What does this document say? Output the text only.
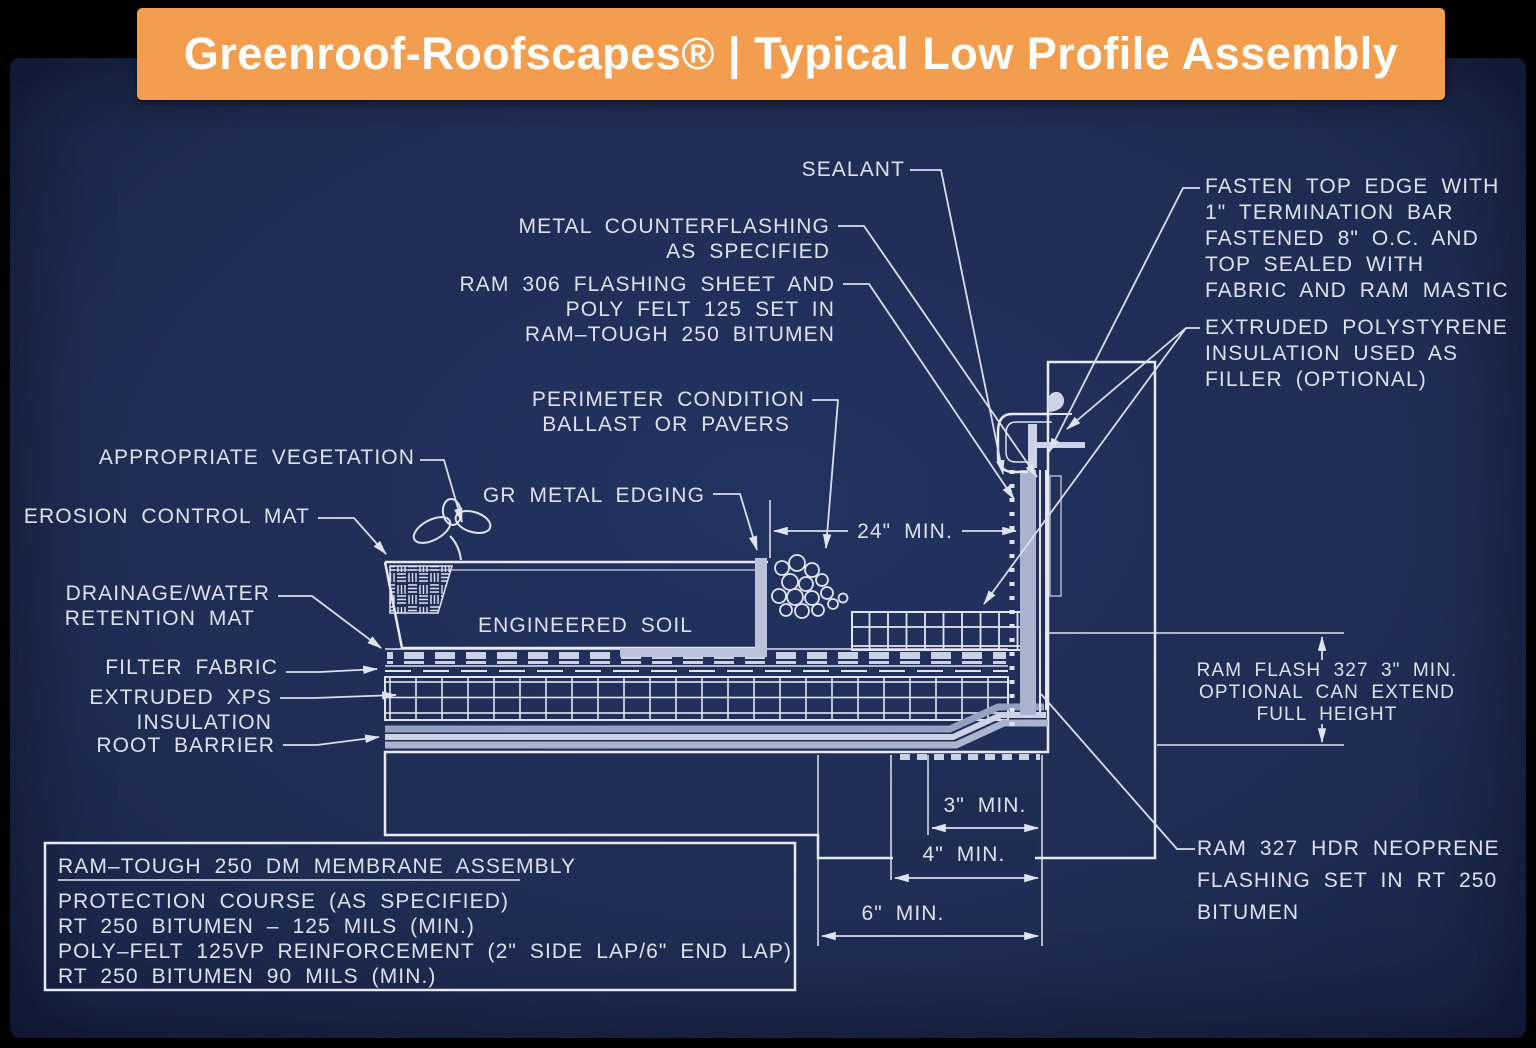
Greenroof-Roofscapes® | Typical Low Profile Assembly
SEALANT
METAL COUNTERFLASHING
AS SPECIFIED
RAM 306 FLASHING SHEET AND
POLY FELT 125 SET IN
RAM–TOUGH 250 BITUMEN
FASTEN TOP EDGE WITH
1" TERMINATION BAR
FASTENED 8" O.C. AND
TOP SEALED WITH
FABRIC AND RAM MASTIC
EXTRUDED POLYSTYRENE
INSULATION USED AS
FILLER (OPTIONAL)
PERIMETER CONDITION
BALLAST OR PAVERS
APPROPRIATE VEGETATION
EROSION CONTROL MAT
GR METAL EDGING
ENGINEERED SOIL
DRAINAGE/WATER
RETENTION MAT
FILTER FABRIC
EXTRUDED XPS
INSULATION
ROOT BARRIER
RAM FLASH 327 3" MIN.
OPTIONAL CAN EXTEND
FULL HEIGHT
RAM 327 HDR NEOPRENE
FLASHING SET IN RT 250
BITUMEN
24" MIN.
3" MIN.
4" MIN.
6" MIN.
RAM–TOUGH 250 DM MEMBRANE ASSEMBLY
PROTECTION COURSE (AS SPECIFIED)
RT 250 BITUMEN – 125 MILS (MIN.)
POLY–FELT 125VP REINFORCEMENT (2" SIDE LAP/6" END LAP)
RT 250 BITUMEN 90 MILS (MIN.)
